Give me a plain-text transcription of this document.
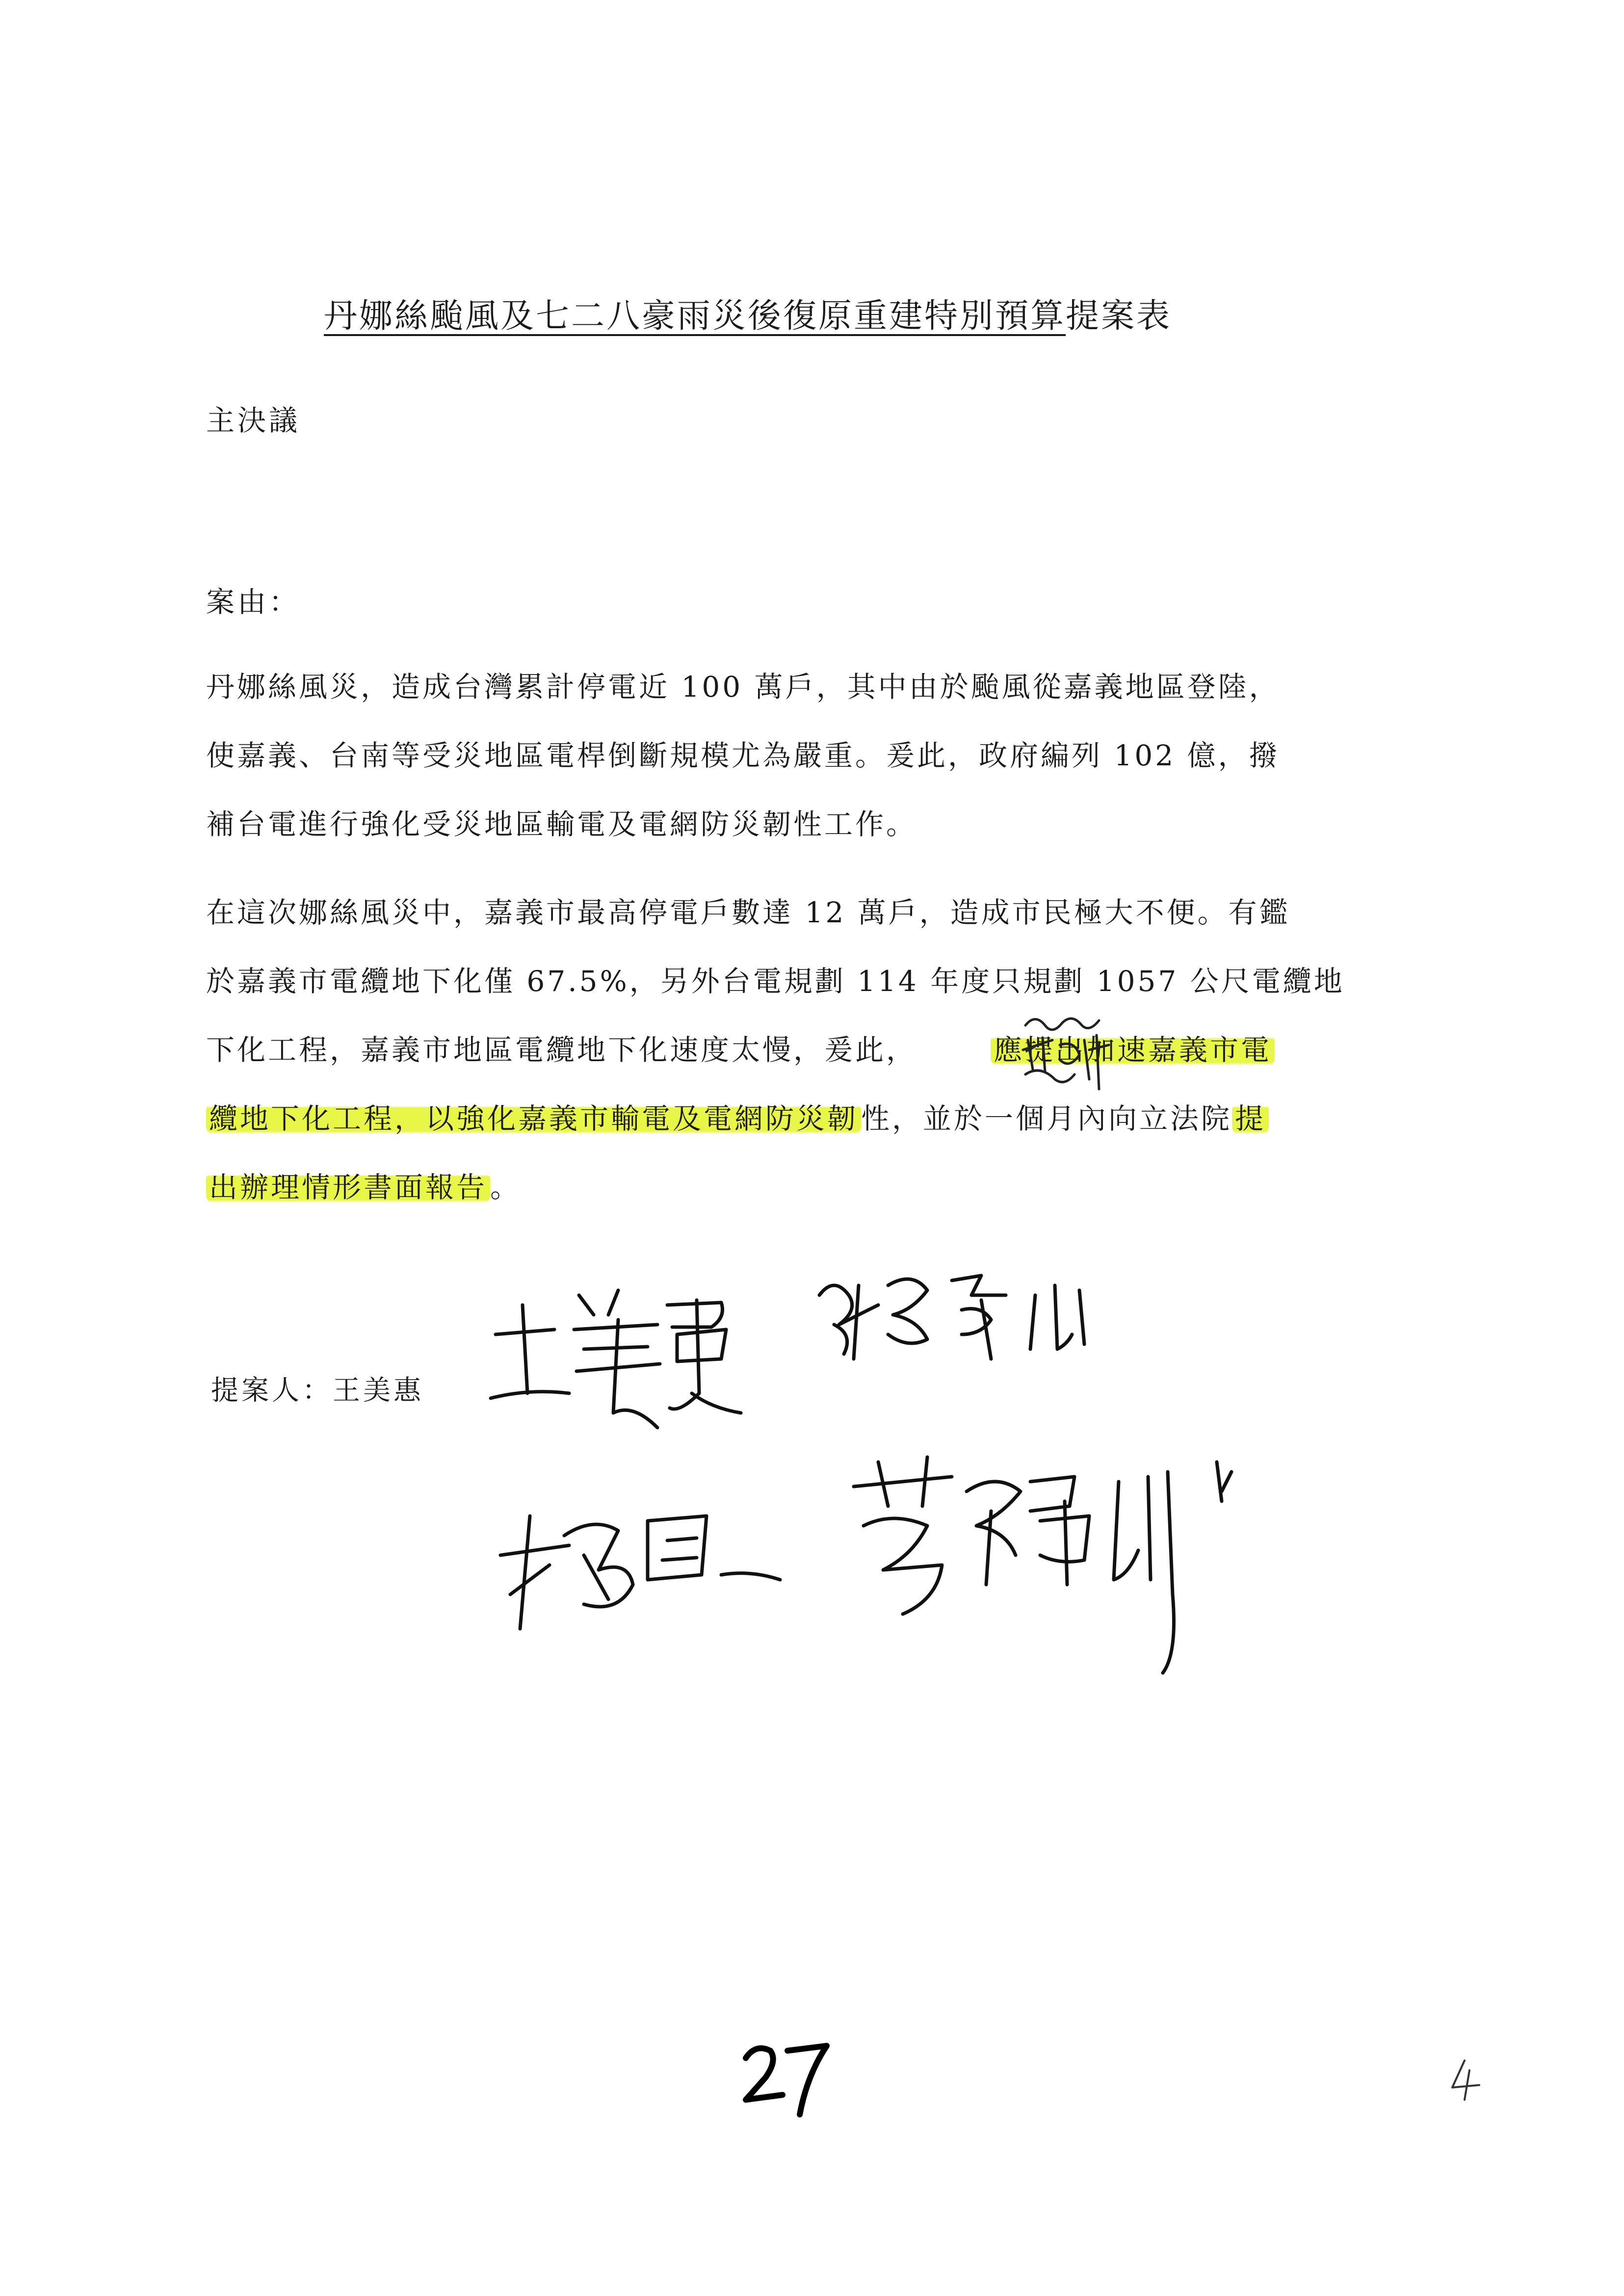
丹娜絲颱風及七二八豪雨災後復原重建特別預算提案表
主決議
案由：
丹娜絲風災，造成台灣累計停電近 100 萬戶，其中由於颱風從嘉義地區登陸，
使嘉義、台南等受災地區電桿倒斷規模尤為嚴重。爰此，政府編列 102 億，撥
補台電進行強化受災地區輸電及電網防災韌性工作。
在這次娜絲風災中，嘉義市最高停電戶數達 12 萬戶，造成市民極大不便。有鑑
於嘉義市電纜地下化僅 67.5%，另外台電規劃 114 年度只規劃 1057 公尺電纜地
下化工程，嘉義市地區電纜地下化速度太慢，爰此，	應提出加速嘉義市電
纜地下化工程，以強化嘉義市輸電及電網防災韌 性，並於一個月內向立法院 提
出辦理情形書面報告 。
提案人：王美惠
